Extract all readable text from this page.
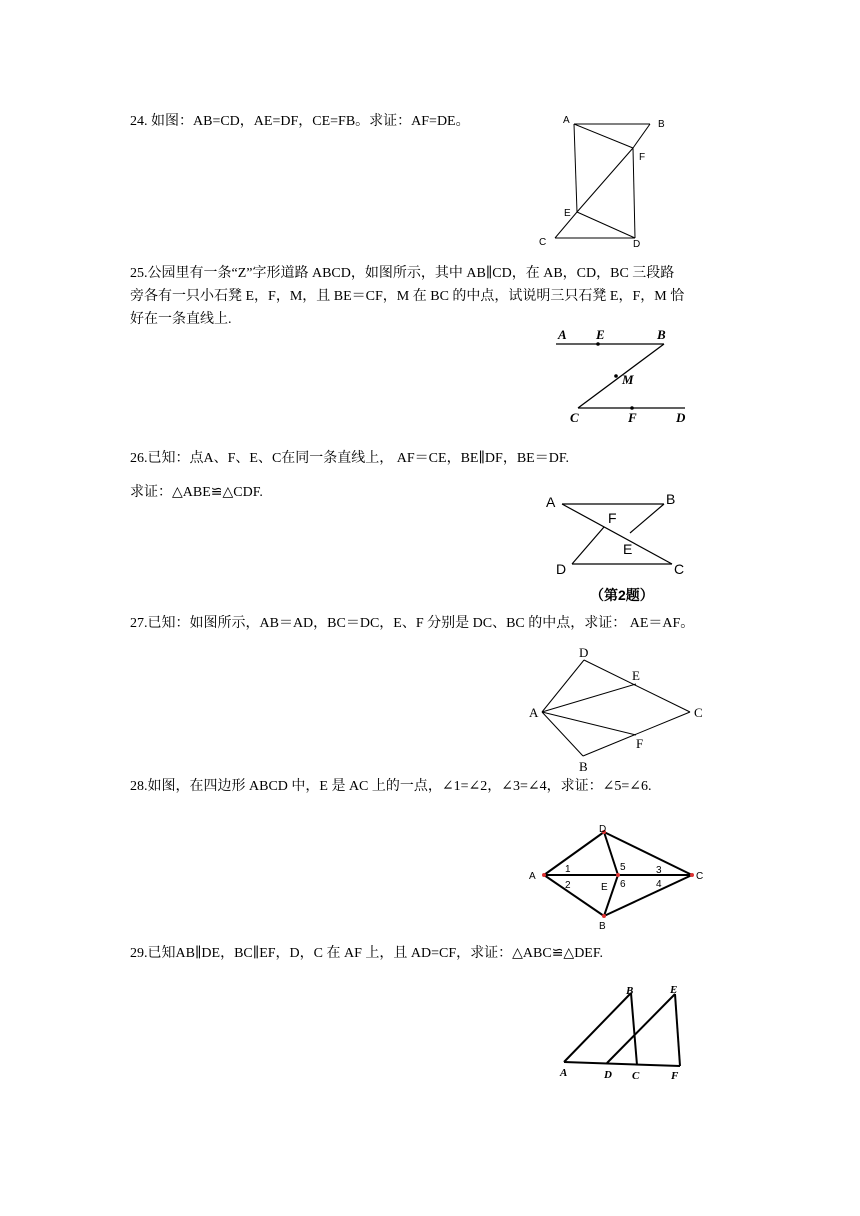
24. 如图：AB=CD，AE=DF，CE=FB。求证：AF=DE。	A	B
F
E
C	D
25.公园里有一条“Z”字形道路 ABCD，如图所示，其中 AB∥CD，在 AB，CD，BC 三段路
旁各有一只小石凳 E，F，M，且 BE＝CF，M 在 BC 的中点，试说明三只石凳 E，F，M 恰
好在一条直线上.
A E	B
M
C	F	D
26.已知：点A、F、E、C在同一条直线上， AF＝CE，BE∥DF，BE＝DF.
求证：△ABE≌△CDF.
A	B
F
E
D	C
（第2题）
27.已知：如图所示，AB＝AD，BC＝DC，E、F 分别是 DC、BC 的中点，求证： AE＝AF。
D
E
A	C
F
B
28.如图，在四边形 ABCD 中，E 是 AC 上的一点，∠1=∠2，∠3=∠4，求证：∠5=∠6.
D
A
1
2	E
5
6
3
4
C
B
29.已知AB∥DE，BC∥EF，D，C 在 AF 上，且 AD=CF，求证：△ABC≌△DEF.
B	E
A	D C	F
